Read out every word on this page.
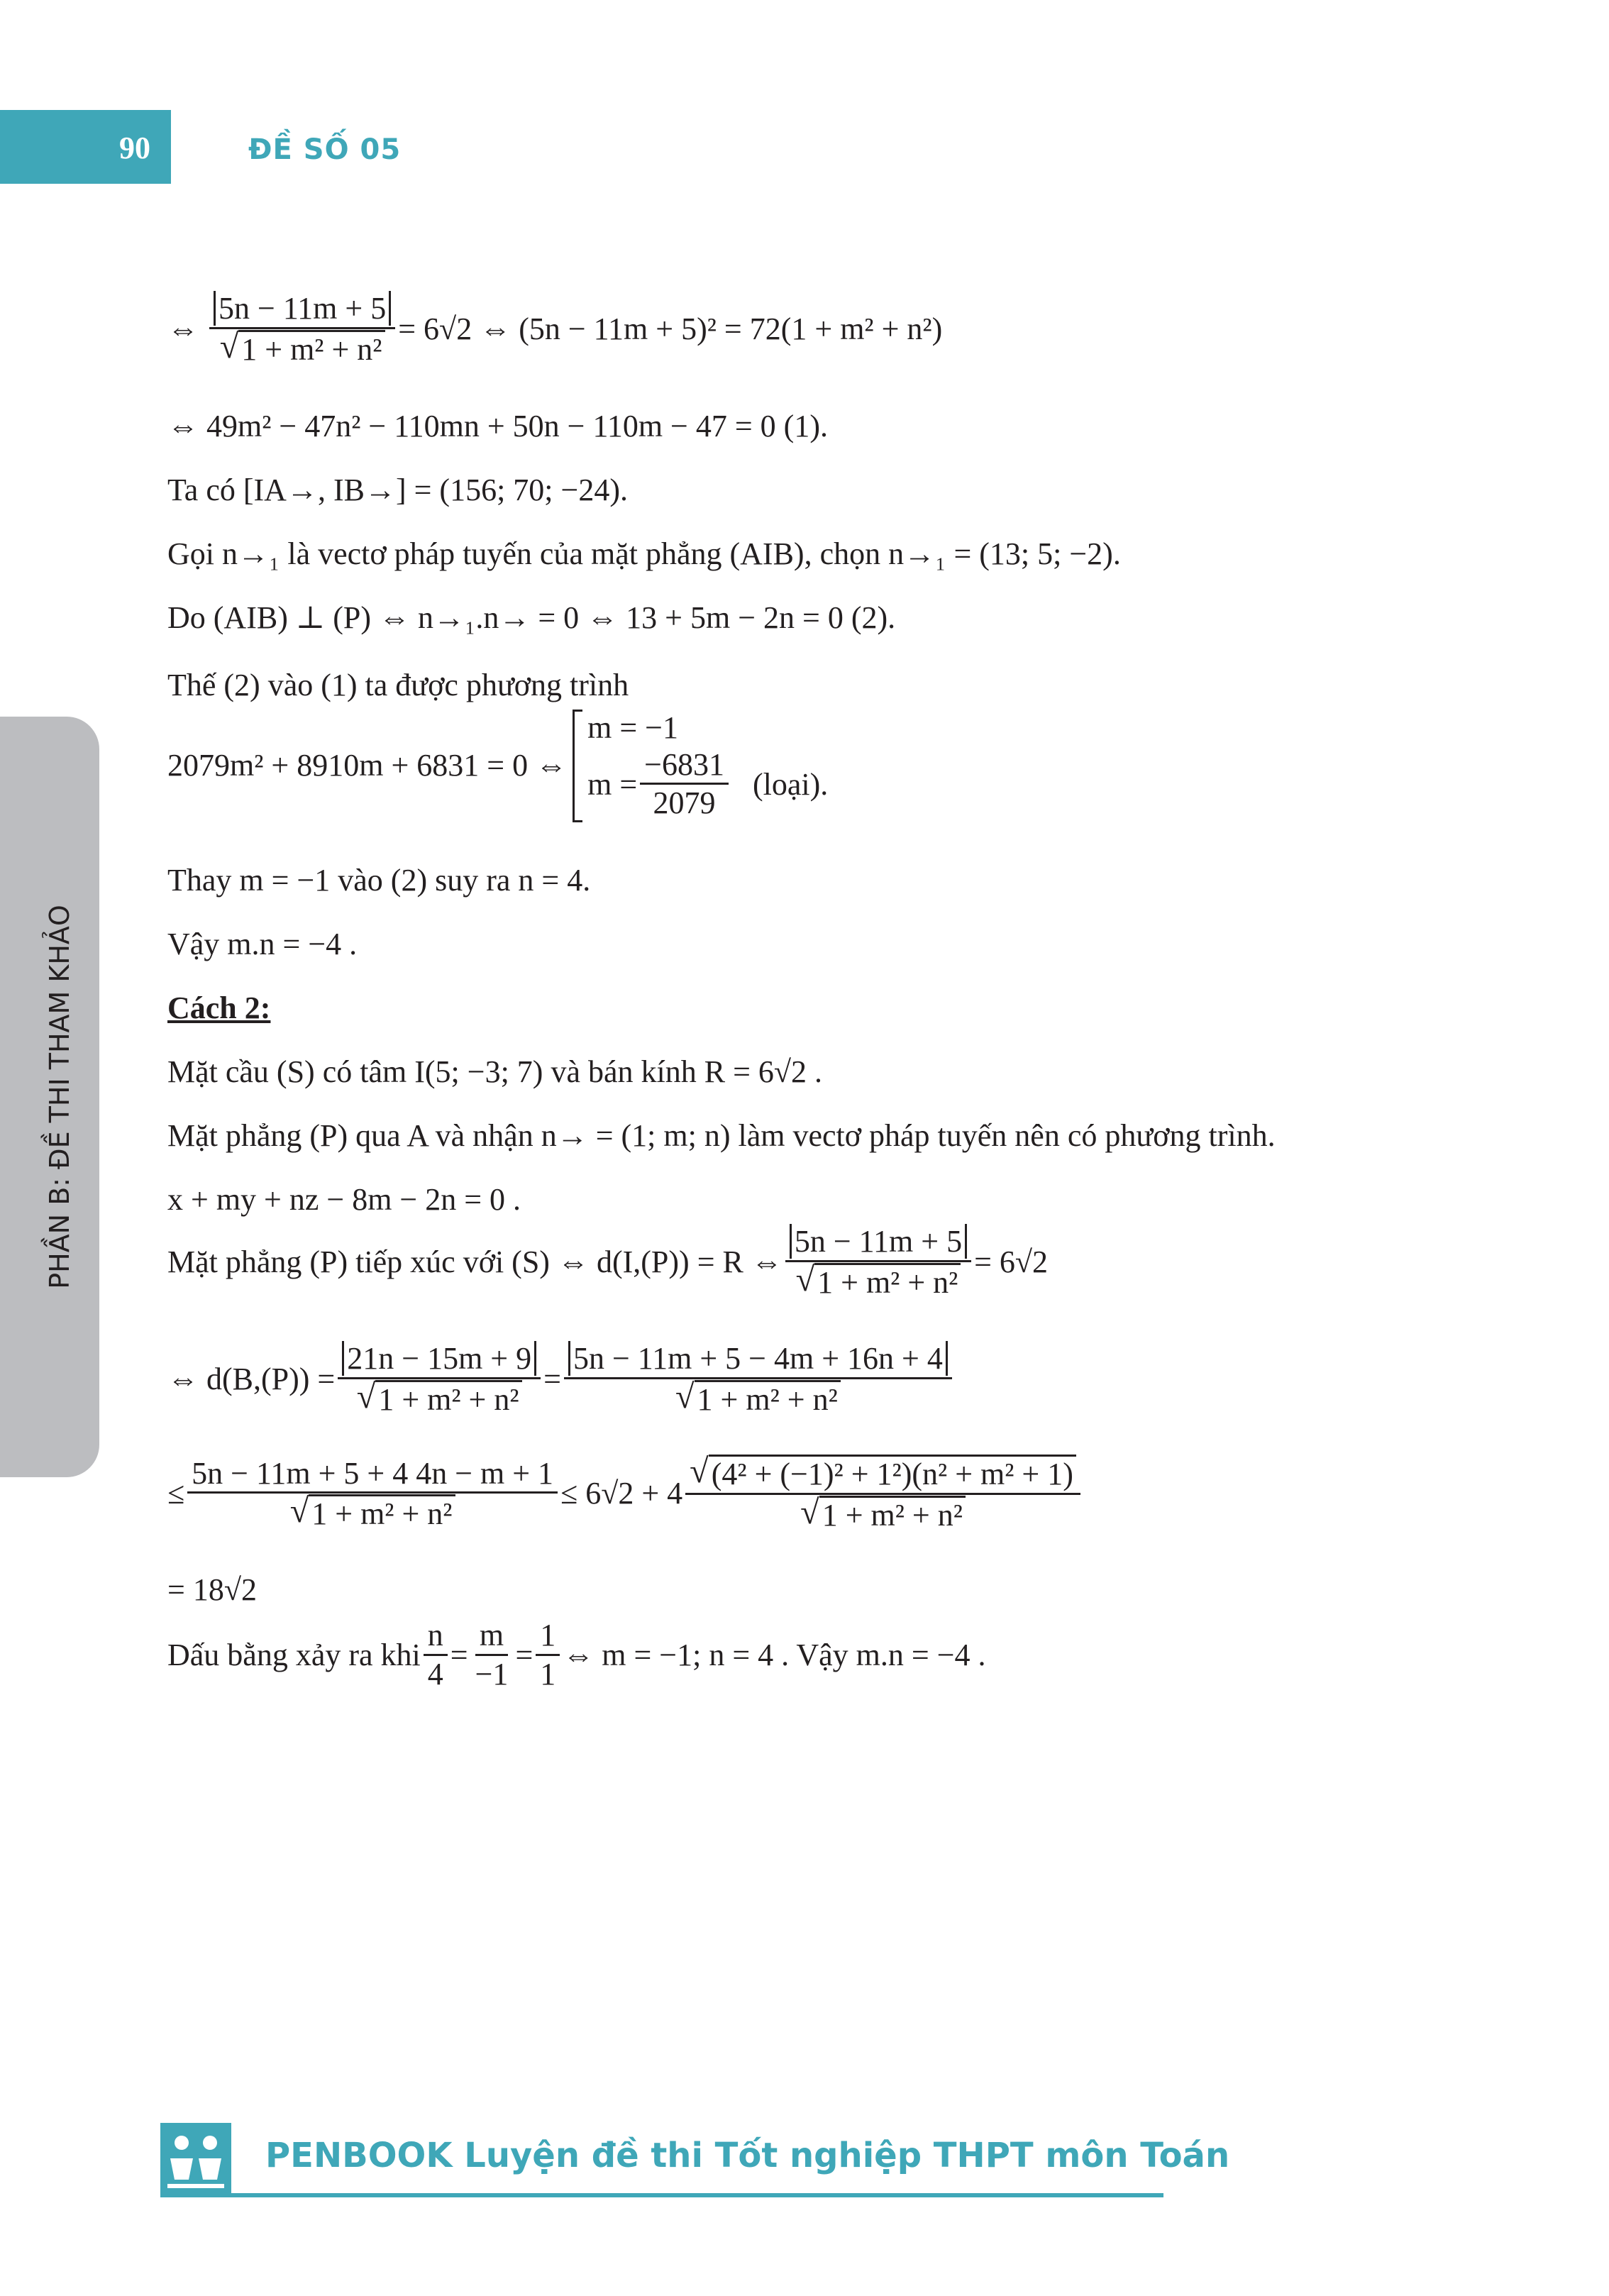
90	ĐỀ SỐ 05
PHẦN B: ĐỀ THI THAM KHẢO
⇔ $\frac{5n - 11m + 5}{\text{√ 1 + m² + n²}} = 6√2$ ⇔ (5n − 11m + 5)² = 72(1 + m² + n²)
⇔ 49m² − 47n² − 110mn + 50n − 110m − 47 = 0 (1).
Ta có [IA→, IB→] = (156; 70; −24).
Gọi n→₁ là vectơ pháp tuyến của mặt phẳng (AIB), chọn n→₁ = (13; 5; −2).
Do (AIB) ⊥ (P) ⇔ n→₁.n→ = 0 ⇔ 13 + 5m − 2n = 0 (2).
Thế (2) vào (1) ta được phương trình
2079m² + 8910m + 6831 = 0 ⇔
m = −1
$m = \frac{-6831}{2079}$ (loại).
Thay m = −1 vào (2) suy ra n = 4.
Vậy m.n = −4 .
Cách 2:
Mặt cầu (S) có tâm I(5; −3; 7) và bán kính R = 6√2 .
Mặt phẳng (P) qua A và nhận n→ = (1; m; n) làm vectơ pháp tuyến nên có phương trình.
x + my + nz − 8m − 2n = 0 .
Mặt phẳng (P) tiếp xúc với (S) ⇔ d(I,(P)) = R ⇔ $\frac{5n - 11m + 5}{\text{√ 1 + m² + n²}} = 6√2$
⇔ $d(B,(P)) = \frac{21n - 15m + 9}{\text{√ 1 + m² + n²}} = \frac{5n - 11m + 5 - 4m + 16n + 4}{\text{√ 1 + m² + n²}}$
≤ $\frac{5n - 11m + 5 + 4 4n - m + 1}{\text{√ 1 + m² + n²}} \le 6√2 + 4 \frac{\text{√ (4² + (−1)² + 1²)(n² + m² + 1)}}{\text{√ 1 + m² + n²}}$
= 18√2
Dấu bằng xảy ra khi $\frac{n}{4} = \frac{m}{-1} = \frac{1}{1}$ ⇔ m = −1; n = 4 . Vậy m.n = −4 .
PENBOOK Luyện đề thi Tốt nghiệp THPT môn Toán
